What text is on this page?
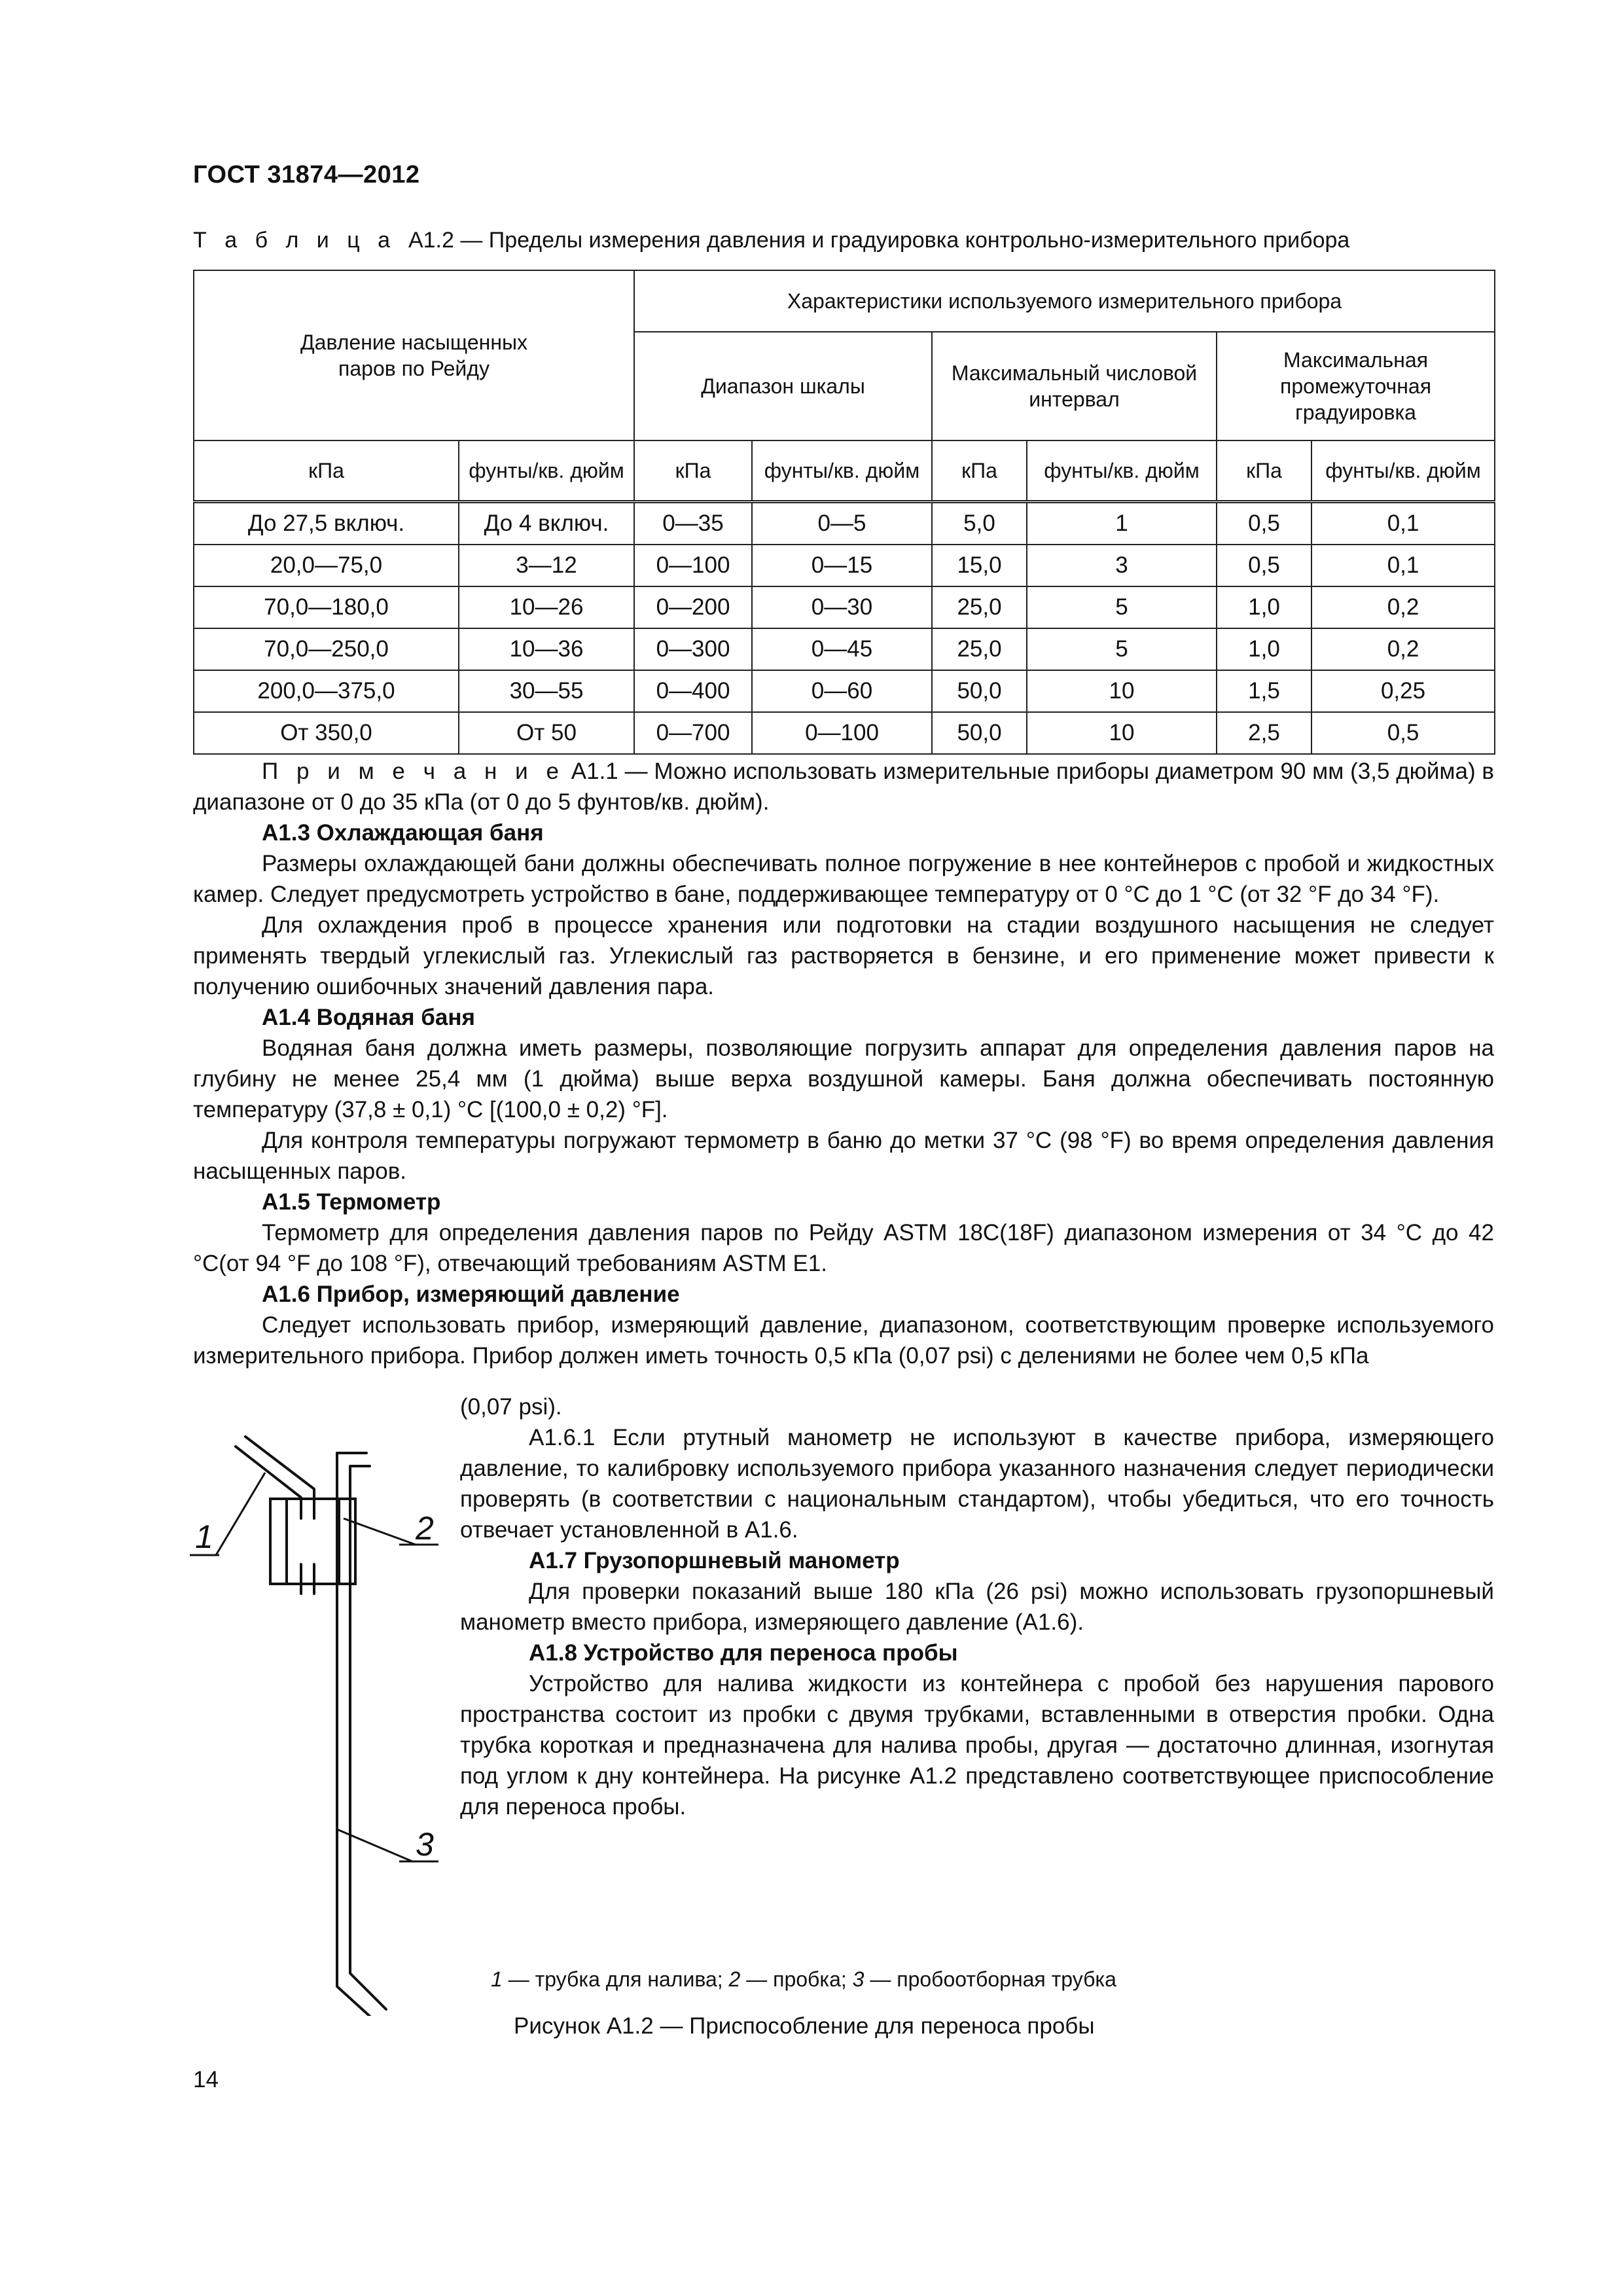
ГОСТ 31874—2012
Т а б л и ц а А1.2 — Пределы измерения давления и градуировка контрольно-измерительного прибора
Давление насыщенных паров по Рейду		Характеристики используемого измерительного прибора					
		Диапазон шкалы		Максимальный числовой интервал		Максимальная промежуточная градуировка	
кПа	фунты/кв. дюйм	кПа	фунты/кв. дюйм	кПа	фунты/кв. дюйм	кПа	фунты/кв. дюйм
До 27,5 включ.	До 4 включ.	0—35	0—5	5,0	1	0,5	0,1
20,0—75,0	3—12	0—100	0—15	15,0	3	0,5	0,1
70,0—180,0	10—26	0—200	0—30	25,0	5	1,0	0,2
70,0—250,0	10—36	0—300	0—45	25,0	5	1,0	0,2
200,0—375,0	30—55	0—400	0—60	50,0	10	1,5	0,25
От 350,0	От 50	0—700	0—100	50,0	10	2,5	0,5

П р и м е ч а н и е А1.1 — Можно использовать измерительные приборы диаметром 90 мм (3,5 дюйма) в диапазоне от 0 до 35 кПа (от 0 до 5 фунтов/кв. дюйм).

А1.3 Охлаждающая баня

Размеры охлаждающей бани должны обеспечивать полное погружение в нее контейнеров с пробой и жидкостных камер. Следует предусмотреть устройство в бане, поддерживающее температуру от 0 °C до 1 °C (от 32 °F до 34 °F).

Для охлаждения проб в процессе хранения или подготовки на стадии воздушного насыщения не следует применять твердый углекислый газ. Углекислый газ растворяется в бензине, и его применение может привести к получению ошибочных значений давления пара.

А1.4 Водяная баня

Водяная баня должна иметь размеры, позволяющие погрузить аппарат для определения давления паров на глубину не менее 25,4 мм (1 дюйма) выше верха воздушной камеры. Баня должна обеспечивать постоянную температуру (37,8 ± 0,1) °C [(100,0 ± 0,2) °F].

Для контроля температуры погружают термометр в баню до метки 37 °C (98 °F) во время определения давления насыщенных паров.

А1.5 Термометр

Термометр для определения давления паров по Рейду ASTM 18C(18F) диапазоном измерения от 34 °C до 42 °C(от 94 °F до 108 °F), отвечающий требованиям ASTM E1.

А1.6 Прибор, измеряющий давление

Следует использовать прибор, измеряющий давление, диапазоном, соответствующим проверке используемого измерительного прибора. Прибор должен иметь точность 0,5 кПа (0,07 psi) с делениями не более чем 0,5 кПа

(0,07 psi).

А1.6.1 Если ртутный манометр не используют в качестве прибора, измеряющего давление, то калибровку используемого прибора указанного назначения следует периодически проверять (в соответствии с национальным стандартом), чтобы убедиться, что его точность отвечает установленной в А1.6.

А1.7 Грузопоршневый манометр

Для проверки показаний выше 180 кПа (26 psi) можно использовать грузопоршневый манометр вместо прибора, измеряющего давление (А1.6).

А1.8 Устройство для переноса пробы

Устройство для налива жидкости из контейнера с пробой без нарушения парового пространства состоит из пробки с двумя трубками, вставленными в отверстия пробки. Одна трубка короткая и предназначена для налива пробы, другая — достаточно длинная, изогнутая под углом к дну контейнера. На рисунке А1.2 представлено соответствующее приспособление для переноса пробы.

1	2
3
1 — трубка для налива; 2 — пробка; 3 — пробоотборная трубка
Рисунок А1.2 — Приспособление для переноса пробы
14
